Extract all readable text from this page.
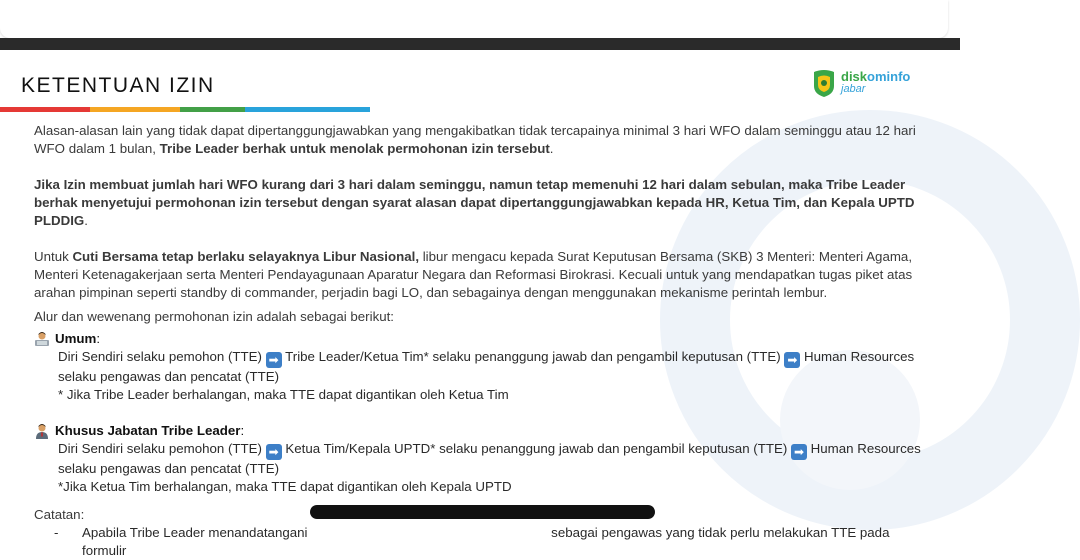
KETENTUAN IZIN	diskominfo
jabar

Alasan-alasan lain yang tidak dapat dipertanggungjawabkan yang mengakibatkan tidak tercapainya minimal 3 hari WFO dalam seminggu atau 12 hari WFO dalam 1 bulan, Tribe Leader berhak untuk menolak permohonan izin tersebut.

Jika Izin membuat jumlah hari WFO kurang dari 3 hari dalam seminggu, namun tetap memenuhi 12 hari dalam sebulan, maka Tribe Leader berhak menyetujui permohonan izin tersebut dengan syarat alasan dapat dipertanggungjawabkan kepada HR, Ketua Tim, dan Kepala UPTD PLDDIG.

Untuk Cuti Bersama tetap berlaku selayaknya Libur Nasional, libur mengacu kepada Surat Keputusan Bersama (SKB) 3 Menteri: Menteri Agama, Menteri Ketenagakerjaan serta Menteri Pendayagunaan Aparatur Negara dan Reformasi Birokrasi. Kecuali untuk yang mendapatkan tugas piket atas arahan pimpinan seperti standby di commander, perjadin bagi LO, dan sebagainya dengan menggunakan mekanisme perintah lembur.

Alur dan wewenang permohonan izin adalah sebagai berikut:

Umum :
Diri Sendiri selaku pemohon (TTE) ➡ Tribe Leader/Ketua Tim* selaku penanggung jawab dan pengambil keputusan (TTE) ➡ Human Resources selaku pengawas dan pencatat (TTE)
* Jika Tribe Leader berhalangan, maka TTE dapat digantikan oleh Ketua Tim
Khusus Jabatan Tribe Leader :
Diri Sendiri selaku pemohon (TTE) ➡ Ketua Tim/Kepala UPTD* selaku penanggung jawab dan pengambil keputusan (TTE) ➡ Human Resources selaku pengawas dan pencatat (TTE)
*Jika Ketua Tim berhalangan, maka TTE dapat digantikan oleh Kepala UPTD
Catatan:
-	Apabila Tribe Leader menandatangani	sebagai pengawas yang tidak perlu melakukan TTE pada formulir
